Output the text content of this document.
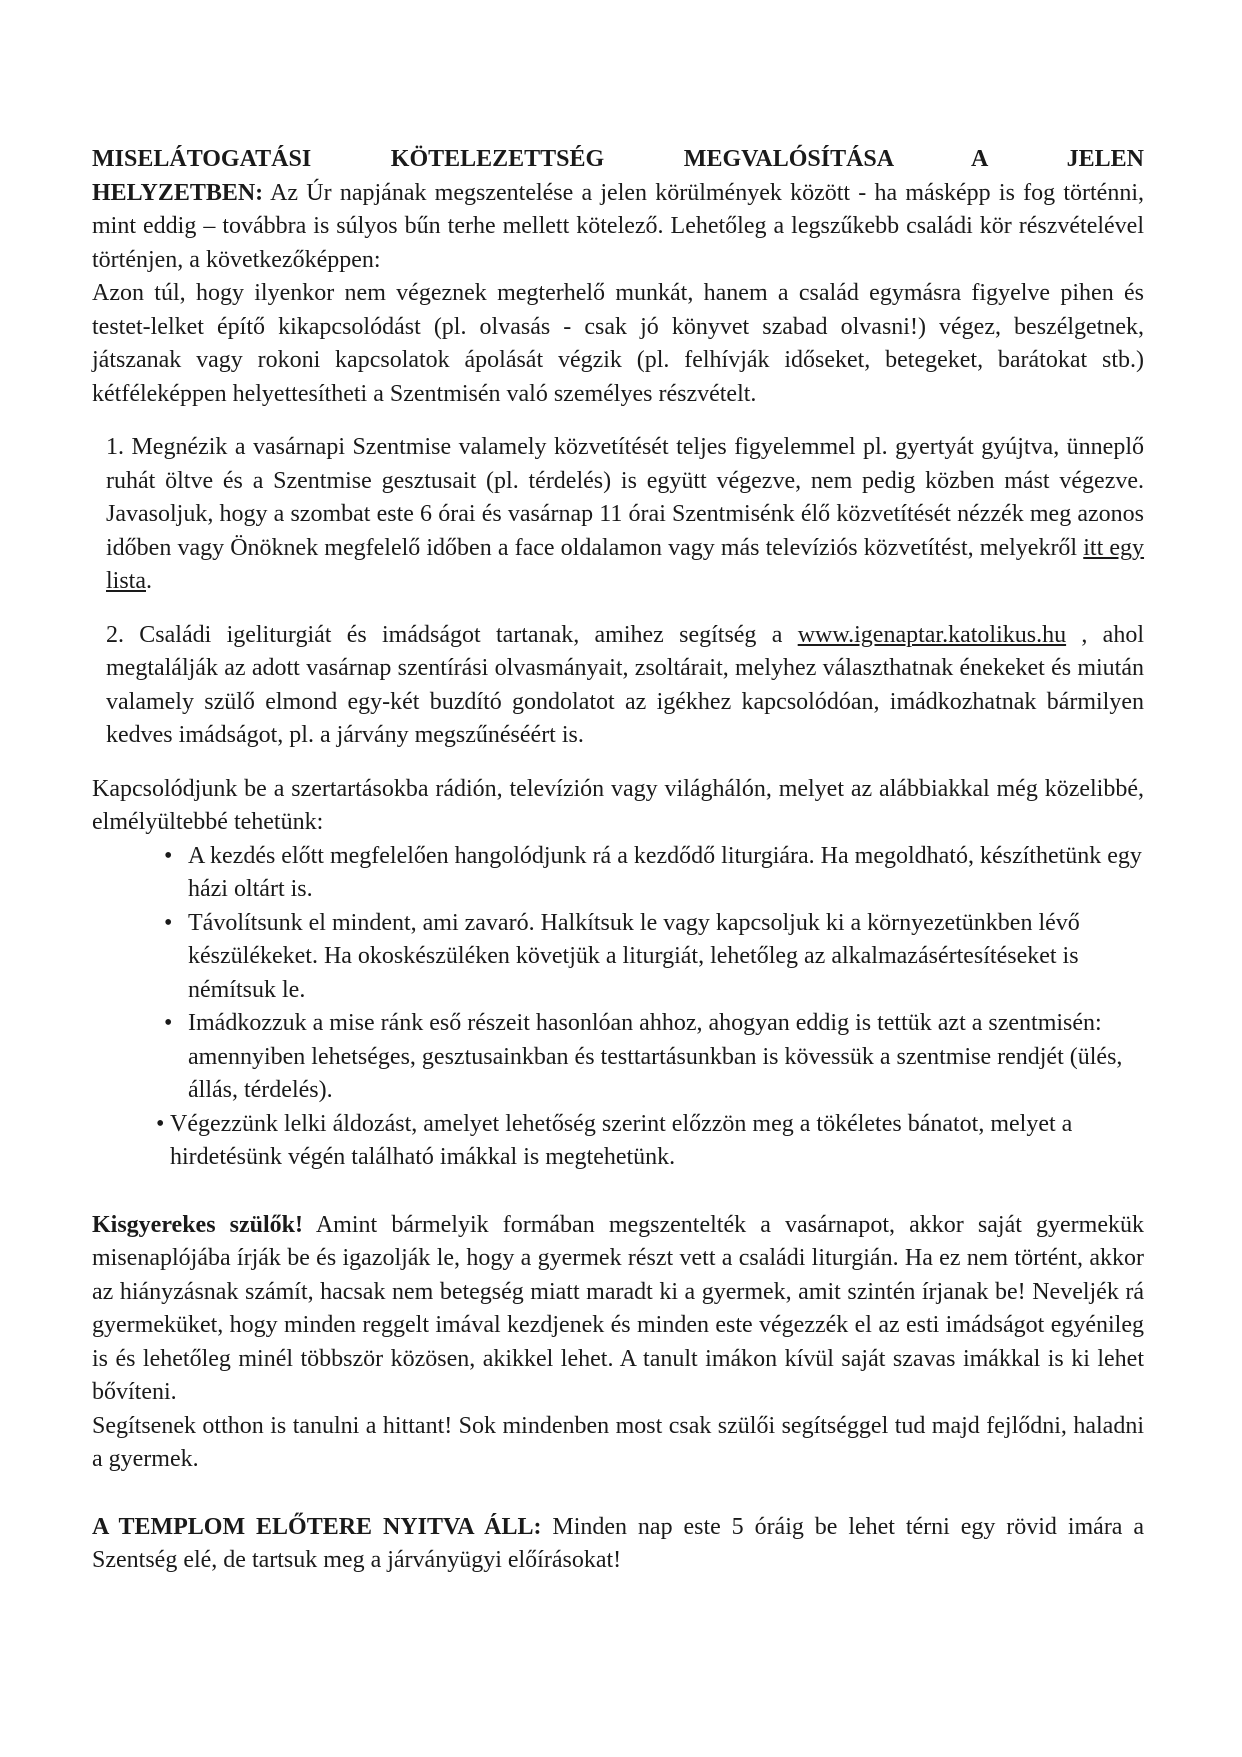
MISELÁTOGATÁSI KÖTELEZETTSÉG MEGVALÓSÍTÁSA A JELEN

HELYZETBEN: Az Úr napjának megszentelése a jelen körülmények között - ha másképp is fog történni, mint eddig – továbbra is súlyos bűn terhe mellett kötelező. Lehetőleg a legszűkebb családi kör részvételével történjen, a következőképpen:

Azon túl, hogy ilyenkor nem végeznek megterhelő munkát, hanem a család egymásra figyelve pihen és testet-lelket építő kikapcsolódást (pl. olvasás - csak jó könyvet szabad olvasni!) végez, beszélgetnek, játszanak vagy rokoni kapcsolatok ápolását végzik (pl. felhívják időseket, betegeket, barátokat stb.) kétféleképpen helyettesítheti a Szentmisén való személyes részvételt.

1. Megnézik a vasárnapi Szentmise valamely közvetítését teljes figyelemmel pl. gyertyát gyújtva, ünneplő ruhát öltve és a Szentmise gesztusait (pl. térdelés) is együtt végezve, nem pedig közben mást végezve. Javasoljuk, hogy a szombat este 6 órai és vasárnap 11 órai Szentmisénk élő közvetítését nézzék meg azonos időben vagy Önöknek megfelelő időben a face oldalamon vagy más televíziós közvetítést, melyekről itt egy lista.

2. Családi igeliturgiát és imádságot tartanak, amihez segítség a www.igenaptar.katolikus.hu , ahol megtalálják az adott vasárnap szentírási olvasmányait, zsoltárait, melyhez választhatnak énekeket és miután valamely szülő elmond egy-két buzdító gondolatot az igékhez kapcsolódóan, imádkozhatnak bármilyen kedves imádságot, pl. a járvány megszűnéséért is.

Kapcsolódjunk be a szertartásokba rádión, televízión vagy világhálón, melyet az alábbiakkal még közelibbé, elmélyültebbé tehetünk:

• A kezdés előtt megfelelően hangolódjunk rá a kezdődő liturgiára. Ha megoldható, készíthetünk egy házi oltárt is.
• Távolítsunk el mindent, ami zavaró. Halkítsuk le vagy kapcsoljuk ki a környezetünkben lévő készülékeket. Ha okoskészüléken követjük a liturgiát, lehetőleg az alkalmazásértesítéseket is némítsuk le.
• Imádkozzuk a mise ránk eső részeit hasonlóan ahhoz, ahogyan eddig is tettük azt a szentmisén: amennyiben lehetséges, gesztusainkban és testtartásunkban is kövessük a szentmise rendjét (ülés, állás, térdelés).
• Végezzünk lelki áldozást, amelyet lehetőség szerint előzzön meg a tökéletes bánatot, melyet a hirdetésünk végén található imákkal is megtehetünk.

Kisgyerekes szülők! Amint bármelyik formában megszentelték a vasárnapot, akkor saját gyermekük misenaplójába írják be és igazolják le, hogy a gyermek részt vett a családi liturgián. Ha ez nem történt, akkor az hiányzásnak számít, hacsak nem betegség miatt maradt ki a gyermek, amit szintén írjanak be! Neveljék rá gyermeküket, hogy minden reggelt imával kezdjenek és minden este végezzék el az esti imádságot egyénileg is és lehetőleg minél többször közösen, akikkel lehet. A tanult imákon kívül saját szavas imákkal is ki lehet bővíteni.

Segítsenek otthon is tanulni a hittant! Sok mindenben most csak szülői segítséggel tud majd fejlődni, haladni a gyermek.

A TEMPLOM ELŐTERE NYITVA ÁLL: Minden nap este 5 óráig be lehet térni egy rövid imára a Szentség elé, de tartsuk meg a járványügyi előírásokat!
